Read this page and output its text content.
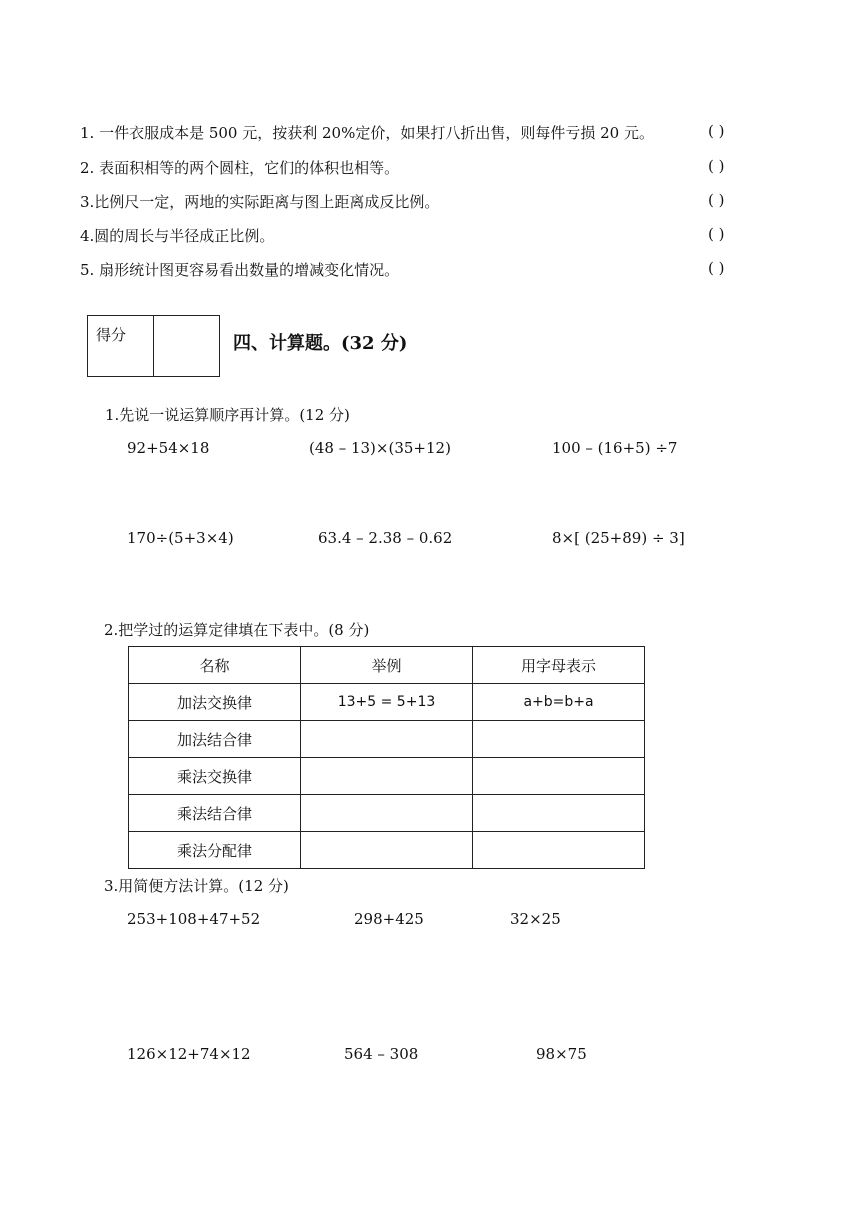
1. 一件衣服成本是 500 元，按获利 20%定价，如果打八折出售，则每件亏损 20 元。	( )
2. 表面积相等的两个圆柱，它们的体积也相等。	( )
3.比例尺一定，两地的实际距离与图上距离成反比例。	( )
4.圆的周长与半径成正比例。	( )
5. 扇形统计图更容易看出数量的增减变化情况。	( )
得分	四、计算题。(32 分)
1.先说一说运算顺序再计算。(12 分)
92+54×18	(48 – 13)×(35+12)	100 – (16+5) ÷7
170÷(5+3×4)	63.4 – 2.38 – 0.62	8×[ (25+89) ÷ 3]
2.把学过的运算定律填在下表中。(8 分)
名称	举例	用字母表示
加法交换律	13+5 = 5+13	a+b=b+a
加法结合律		
乘法交换律		
乘法结合律		
乘法分配律		
3.用简便方法计算。(12 分)
253+108+47+52	298+425	32×25
126×12+74×12	564 – 308	98×75
